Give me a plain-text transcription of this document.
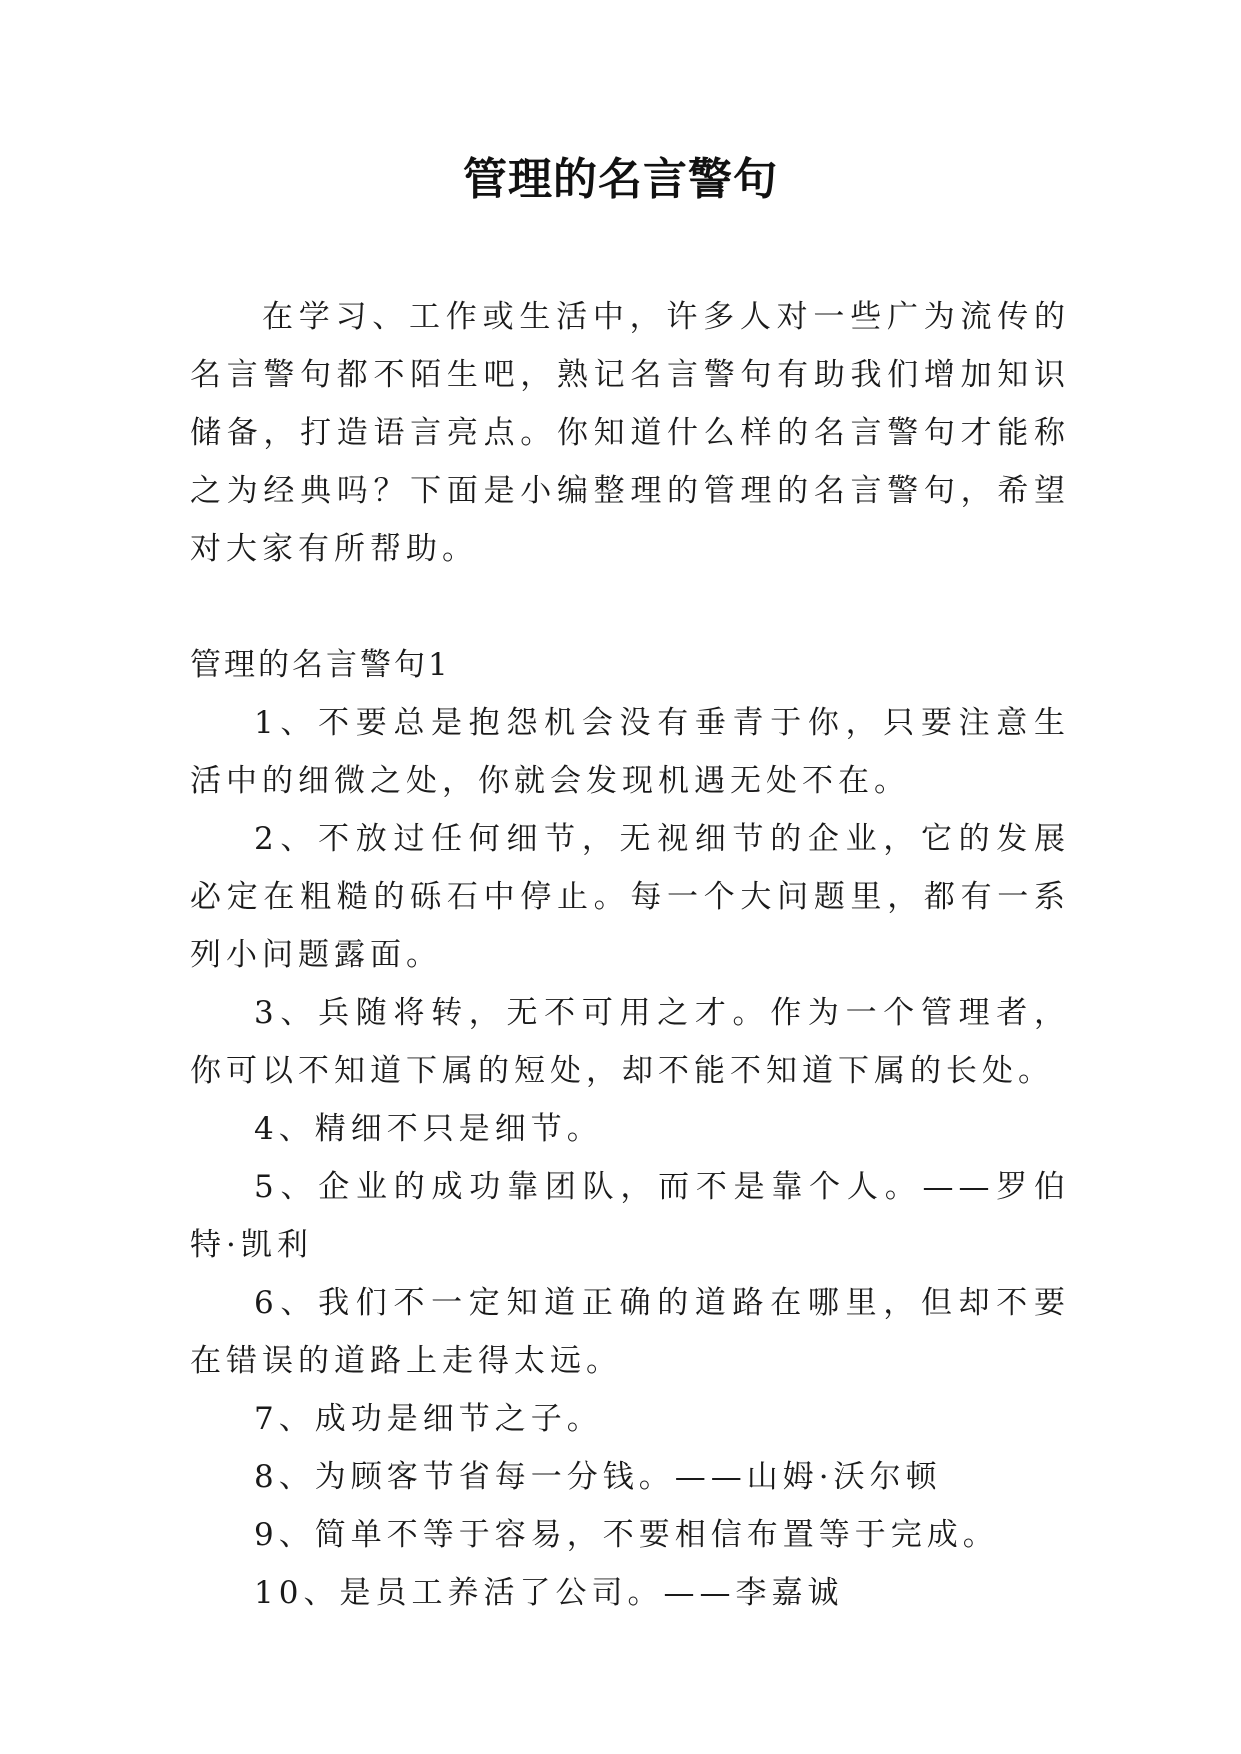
管理的名言警句

在学习、工作或生活中，许多人对一些广为流传的名言警句都不陌生吧，熟记名言警句有助我们增加知识储备，打造语言亮点。你知道什么样的名言警句才能称之为经典吗？下面是小编整理的管理的名言警句，希望对大家有所帮助。

管理的名言警句1

1、不要总是抱怨机会没有垂青于你，只要注意生活中的细微之处，你就会发现机遇无处不在。

2、不放过任何细节，无视细节的企业，它的发展必定在粗糙的砾石中停止。每一个大问题里，都有一系列小问题露面。

3、兵随将转，无不可用之才。作为一个管理者，你可以不知道下属的短处，却不能不知道下属的长处。

4、精细不只是细节。

5、企业的成功靠团队，而不是靠个人。——罗伯特·凯利

6、我们不一定知道正确的道路在哪里，但却不要在错误的道路上走得太远。

7、成功是细节之子。

8、为顾客节省每一分钱。——山姆·沃尔顿

9、简单不等于容易，不要相信布置等于完成。

10、是员工养活了公司。——李嘉诚
